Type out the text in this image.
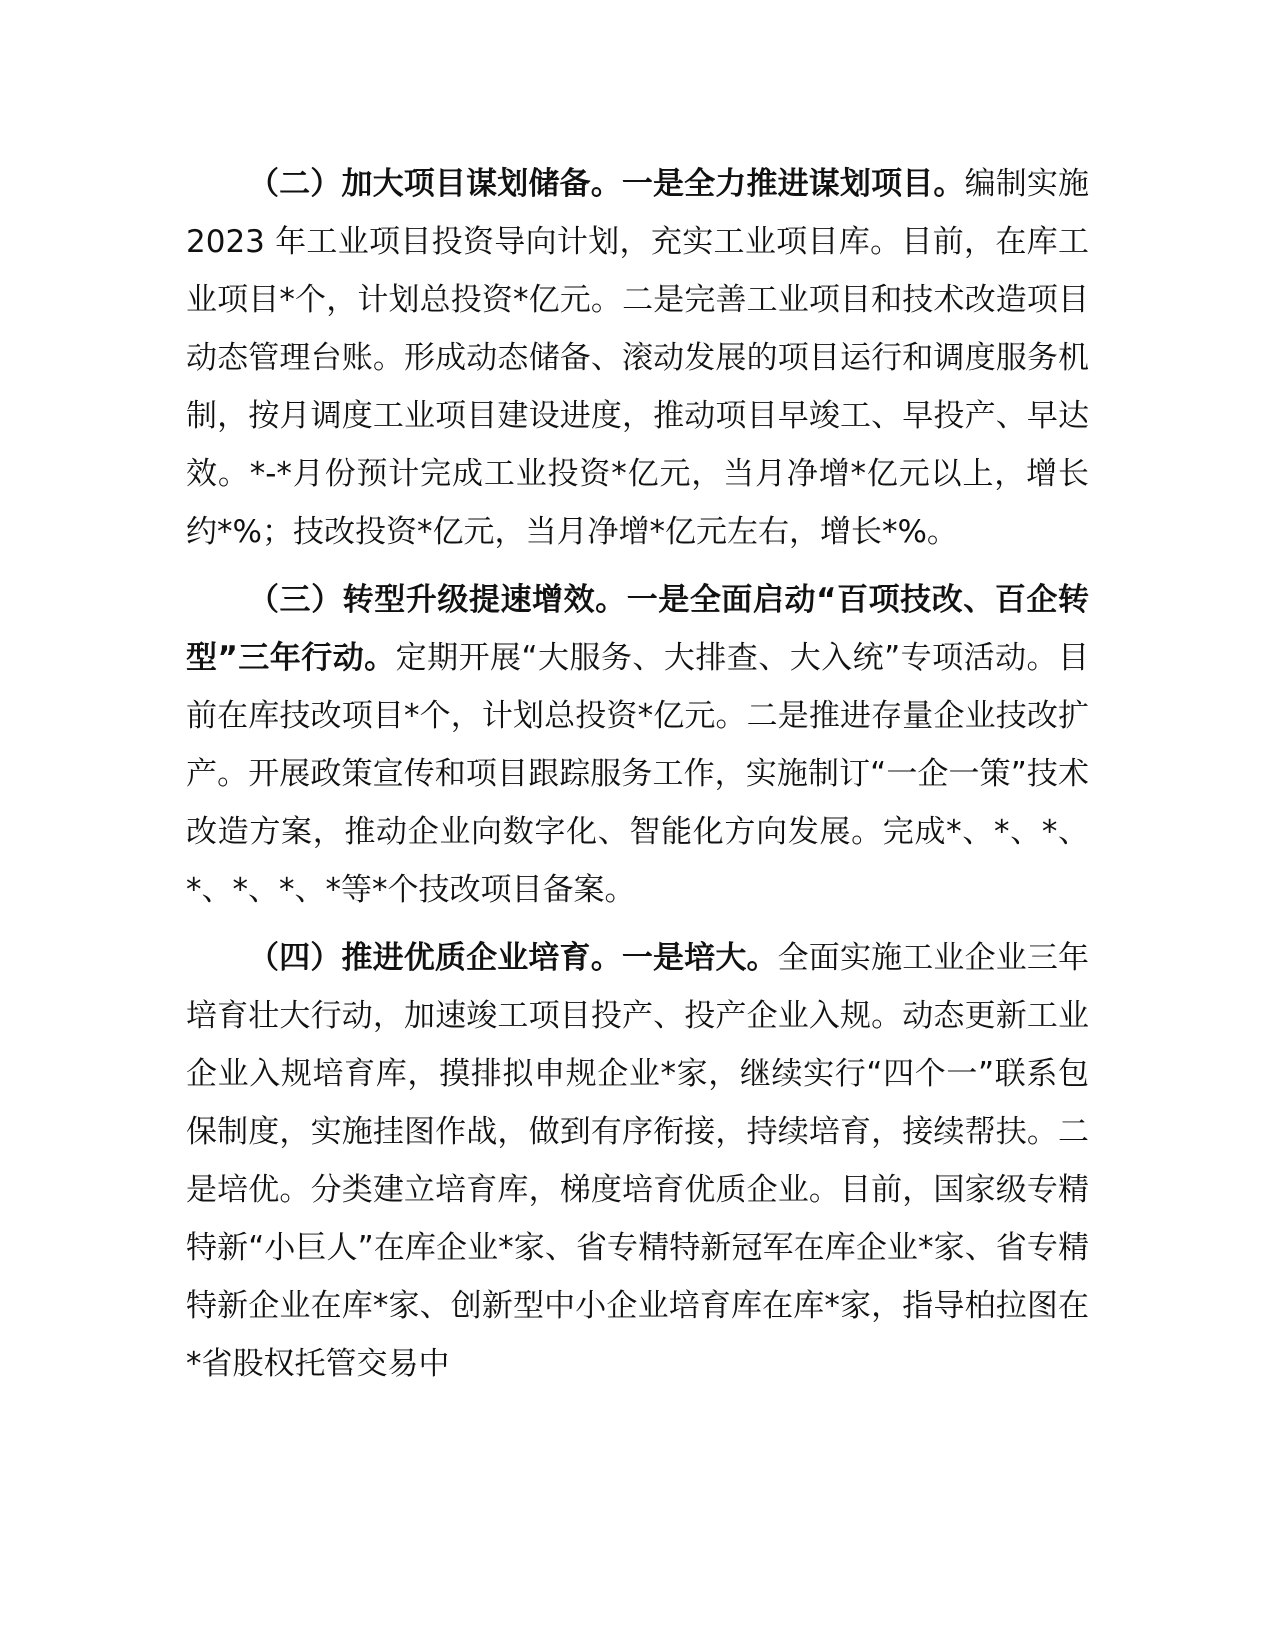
（二）加大项目谋划储备。一是全力推进谋划项目。编制实施 2023 年工业项目投资导向计划，充实工业项目库。目前，在库工业项目*个，计划总投资*亿元。二是完善工业项目和技术改造项目动态管理台账。形成动态储备、滚动发展的项目运行和调度服务机制，按月调度工业项目建设进度，推动项目早竣工、早投产、早达效。*-*月份预计完成工业投资*亿元，当月净增*亿元以上，增长约*%；技改投资*亿元，当月净增*亿元左右，增长*%。

（三）转型升级提速增效。一是全面启动“百项技改、百企转型”三年行动。定期开展“大服务、大排查、大入统”专项活动。目前在库技改项目*个，计划总投资*亿元。二是推进存量企业技改扩产。开展政策宣传和项目跟踪服务工作，实施制订“一企一策”技术改造方案，推动企业向数字化、智能化方向发展。完成*、*、*、*、*、*、*等*个技改项目备案。

（四）推进优质企业培育。一是培大。全面实施工业企业三年培育壮大行动，加速竣工项目投产、投产企业入规。动态更新工业企业入规培育库，摸排拟申规企业*家，继续实行“四个一”联系包保制度，实施挂图作战，做到有序衔接，持续培育，接续帮扶。二是培优。分类建立培育库，梯度培育优质企业。目前，国家级专精特新“小巨人”在库企业*家、省专精特新冠军在库企业*家、省专精特新企业在库*家、创新型中小企业培育库在库*家，指导柏拉图在*省股权托管交易中
